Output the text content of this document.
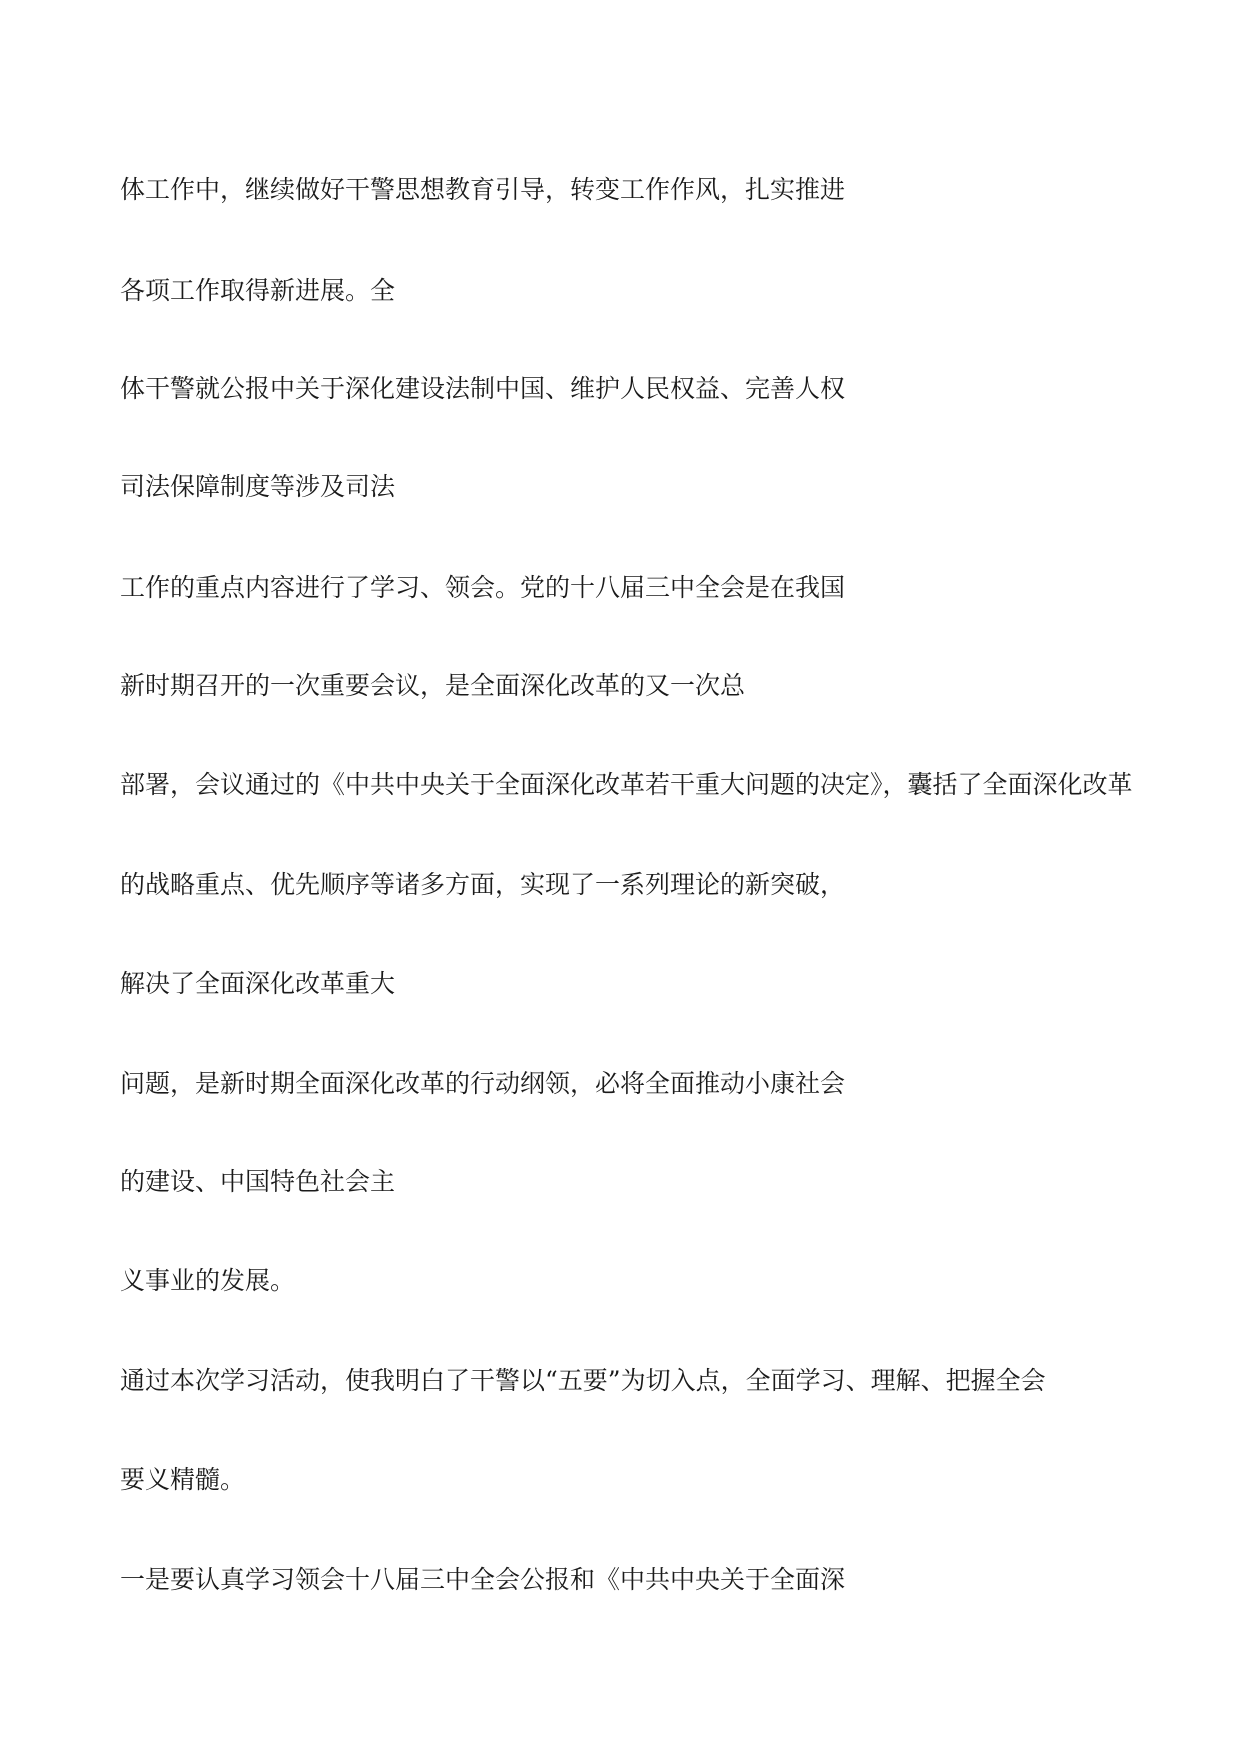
体工作中，继续做好干警思想教育引导，转变工作作风，扎实推进

各项工作取得新进展。全

体干警就公报中关于深化建设法制中国、维护人民权益、完善人权

司法保障制度等涉及司法

工作的重点内容进行了学习、领会。党的十八届三中全会是在我国

新时期召开的一次重要会议，是全面深化改革的又一次总

部署，会议通过的《中共中央关于全面深化改革若干重大问题的决定》，囊括了全面深化改革

的战略重点、优先顺序等诸多方面，实现了一系列理论的新突破，

解决了全面深化改革重大

问题，是新时期全面深化改革的行动纲领，必将全面推动小康社会

的建设、中国特色社会主

义事业的发展。

通过本次学习活动，使我明白了干警以“五要”为切入点，全面学习、理解、把握全会

要义精髓。

一是要认真学习领会十八届三中全会公报和《中共中央关于全面深
